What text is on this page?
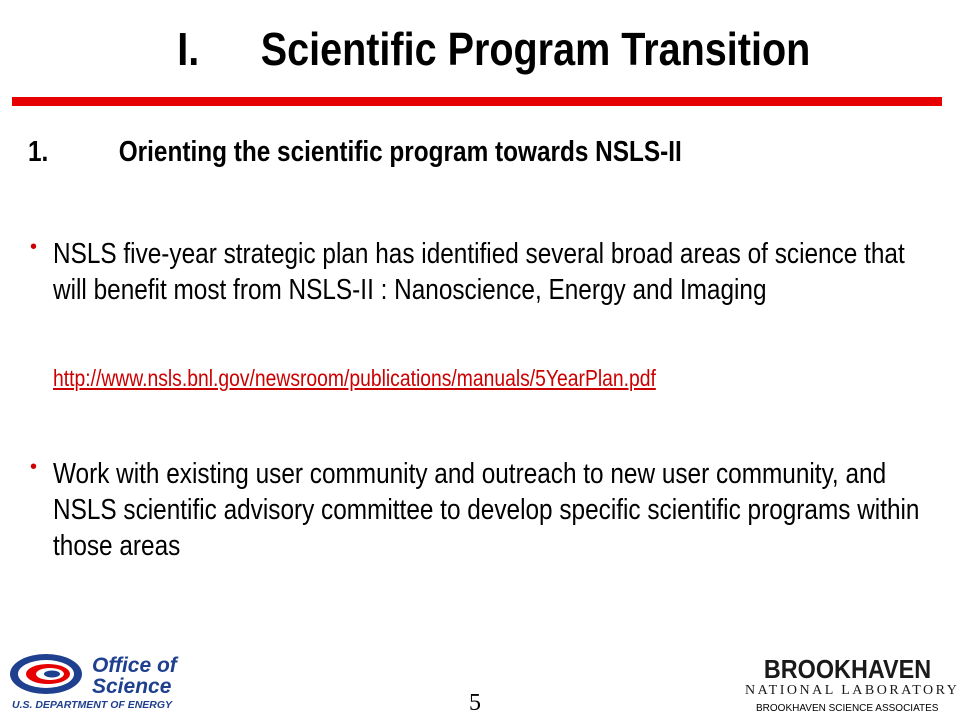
I. Scientific Program Transition
1. Orienting the scientific program towards NSLS-II
• NSLS five-year strategic plan has identified several broad areas of science that will benefit most from NSLS-II : Nanoscience, Energy and Imaging
http://www.nsls.bnl.gov/newsroom/publications/manuals/5YearPlan.pdf
• Work with existing user community and outreach to new user community, and NSLS scientific advisory committee to develop specific scientific programs within those areas
Office of
Science
U.S. DEPARTMENT OF ENERGY	5
BROOKHAVEN
NATIONAL LABORATORY
BROOKHAVEN SCIENCE ASSOCIATES
